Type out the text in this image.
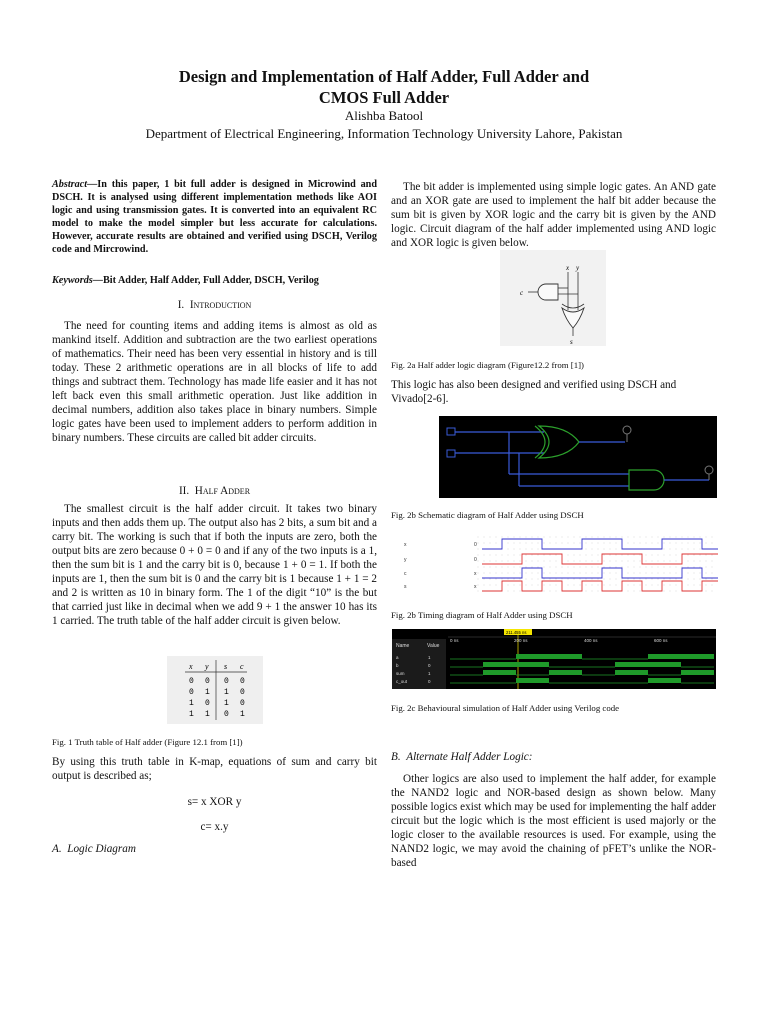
Design and Implementation of Half Adder, Full Adder and
CMOS Full Adder
Alishba Batool
Department of Electrical Engineering, Information Technology University Lahore, Pakistan
Abstract—In this paper, 1 bit full adder is designed in Microwind and DSCH. It is analysed using different implementation methods like AOI logic and using transmission gates. It is converted into an equivalent RC model to make the model simpler but less accurate for calculations. However, accurate results are obtained and verified using DSCH, Verilog code and Mircrowind.
Keywords—Bit Adder, Half Adder, Full Adder, DSCH, Verilog
I. Introduction

The need for counting items and adding items is almost as old as mankind itself. Addition and subtraction are the two earliest operations of mathematics. Their need has been very essential in history and is till today. These 2 arithmetic operations are in all blocks of life to add things and subtract them. Technology has made life easier and it has not left back even this small arithmetic operation. Just like addition in decimal numbers, addition also takes place in binary numbers. Simple logic gates have been used to implement adders to perform addition in binary numbers. These circuits are called bit adder circuits.

II. Half Adder

The smallest circuit is the half adder circuit. It takes two binary inputs and then adds them up. The output also has 2 bits, a sum bit and a carry bit. The working is such that if both the inputs are zero, both the output bits are zero because 0 + 0 = 0 and if any of the two inputs is a 1, then the sum bit is 1 and the carry bit is 0, because 1 + 0 = 1. If both the inputs are 1, then the sum bit is 0 and the carry bit is 1 because 1 + 1 = 2 and 2 is written as 10 in binary form. The 1 of the digit “10” is the but that carried just like in decimal when we add 9 + 1 the answer 10 has its 1 carried. The truth table of the half adder circuit is given below.

x y s c
0 0 0 0
0 1 1 0
1 0 1 0
1 1 0 1
Fig. 1 Truth table of Half adder (Figure 12.1 from [1])

By using this truth table in K-map, equations of sum and carry bit output is described as;

s= x XOR y
c= x.y
A. Logic Diagram

The bit adder is implemented using simple logic gates. An AND gate and an XOR gate are used to implement the half bit adder because the sum bit is given by XOR logic and the carry bit is given by the AND logic. Circuit diagram of the half adder implemented using AND logic and XOR logic is given below.

x y
c
s
Fig. 2a Half adder logic diagram (Figure12.2 from [1])

This logic has also been designed and verified using DSCH and Vivado[2-6].

Fig. 2b Schematic diagram of Half Adder using DSCH
x	0
y	0
c	x
s	x
Fig. 2b Timing diagram of Half Adder using DSCH
Name	Value
211.455 ns
0 ns	200 ns	400 ns	600 ns
a	1
b	0
sum	1
c_out	0
Fig. 2c Behavioural simulation of Half Adder using Verilog code
B. Alternate Half Adder Logic:

Other logics are also used to implement the half adder, for example the NAND2 logic and NOR-based design as shown below. Many possible logics exist which may be used for implementing the half adder circuit but the logic which is the most efficient is used majorly or the logic closer to the available resources is used. For example, using the NAND2 logic, we may avoid the chaining of pFET’s unlike the NOR-based
